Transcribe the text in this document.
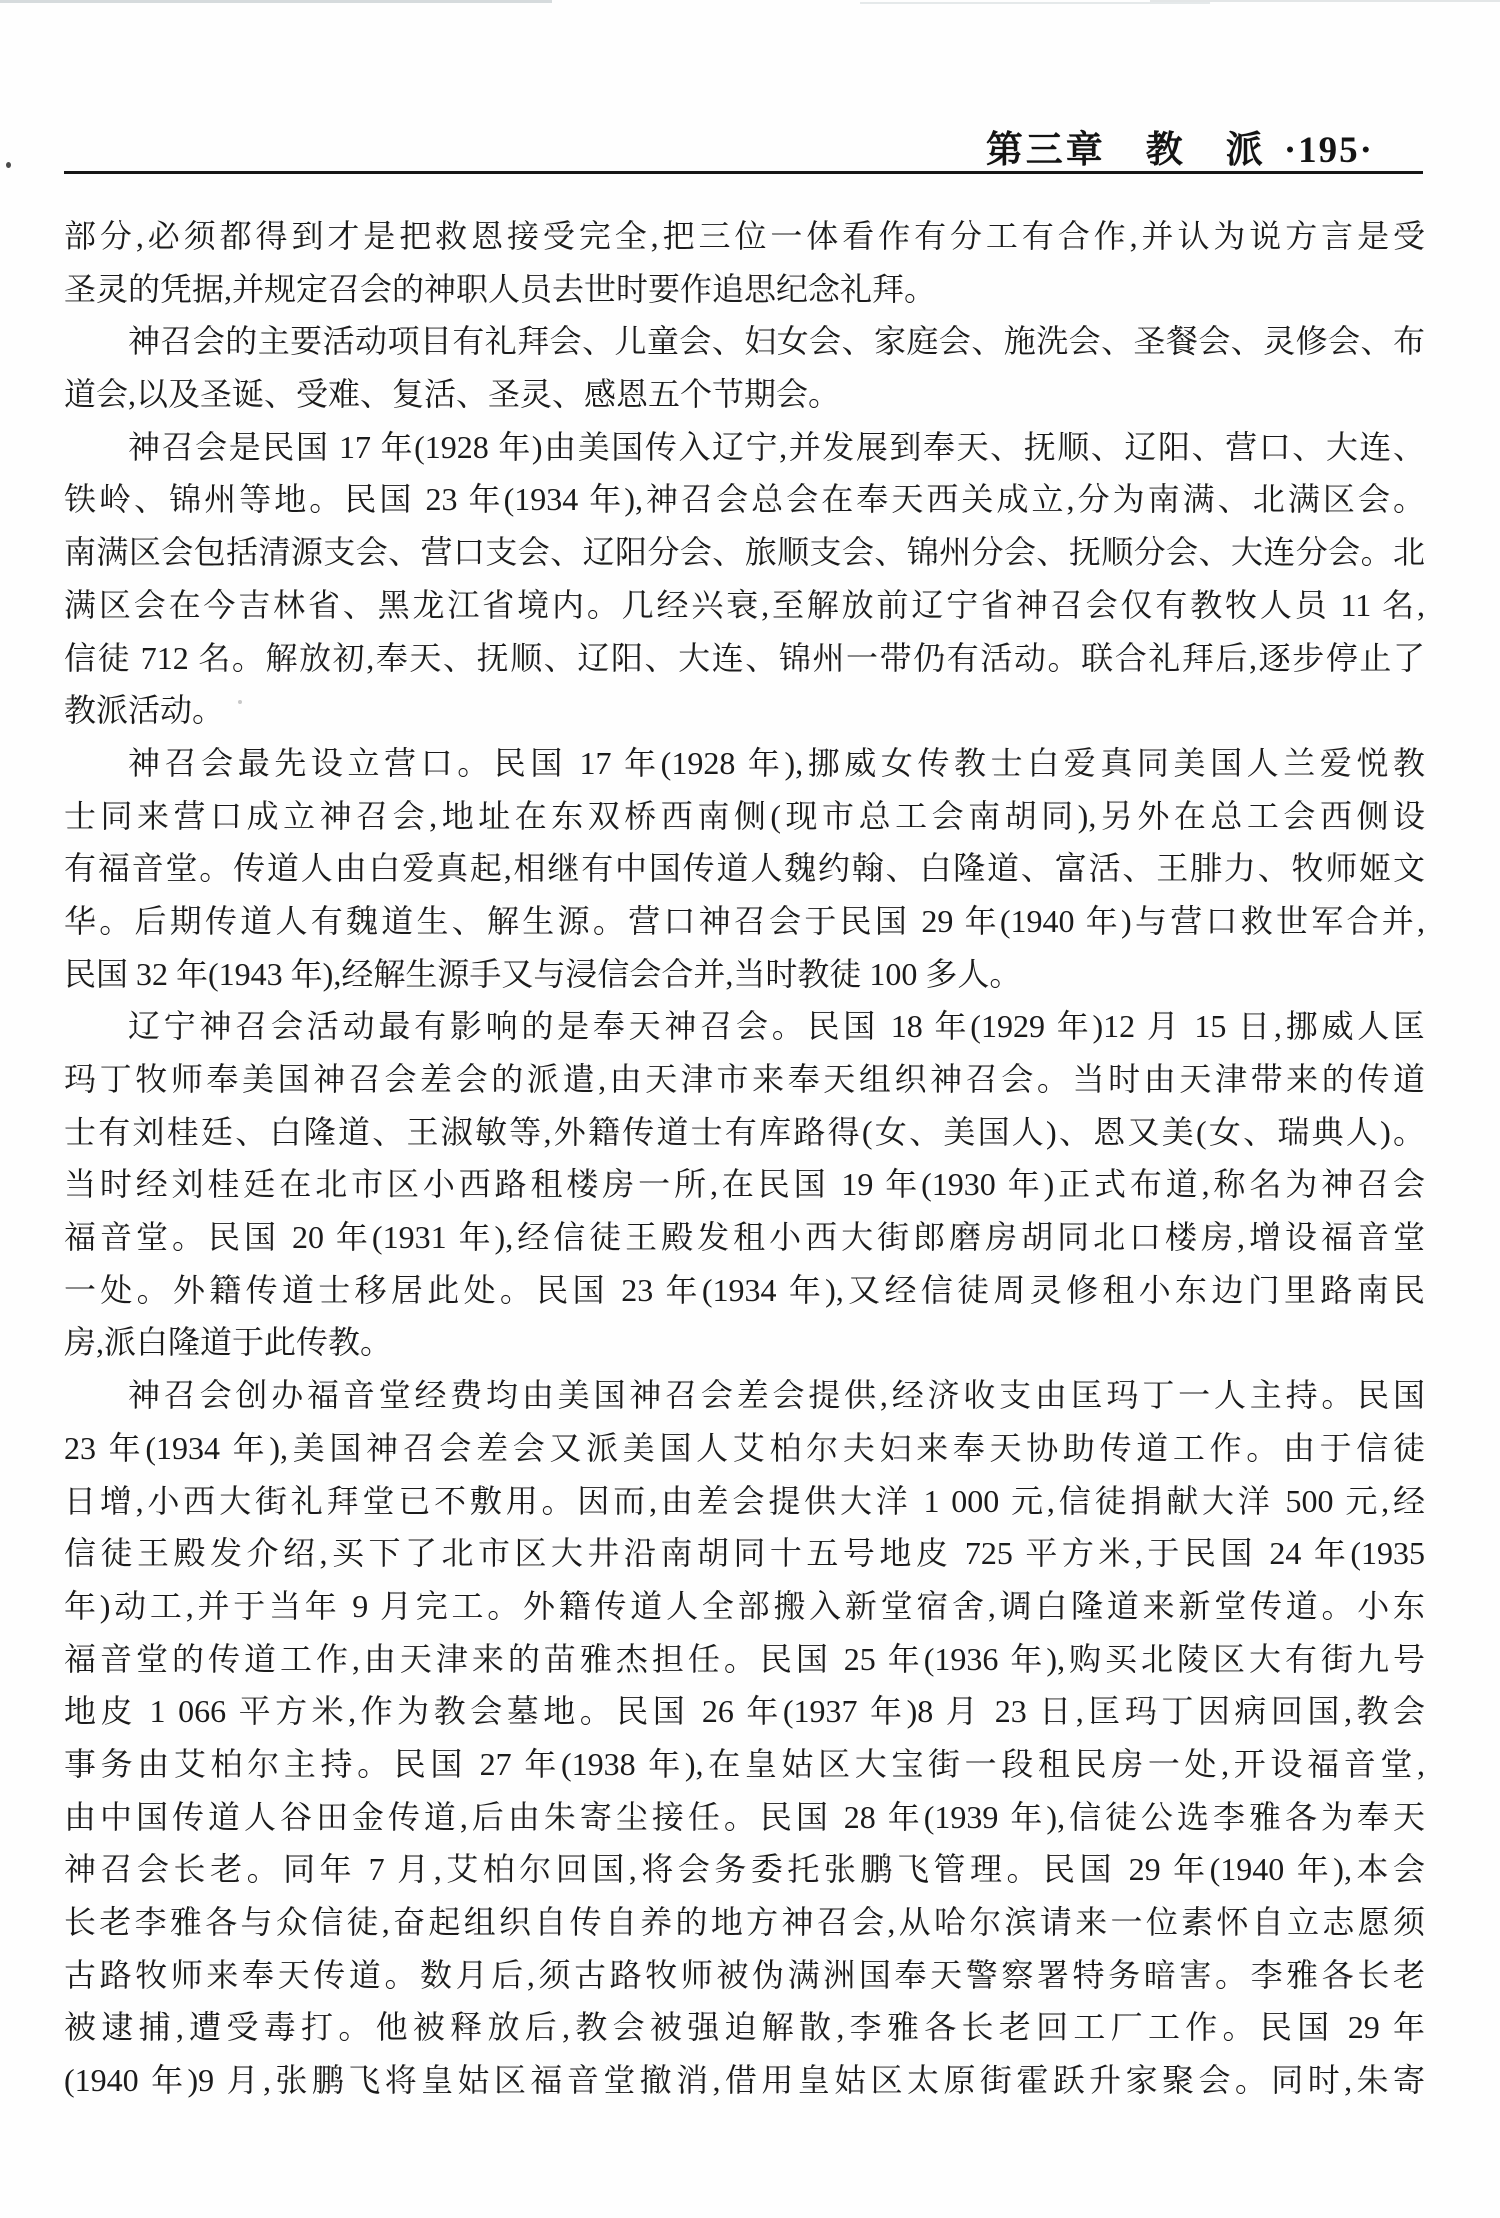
第三章　教　派 ·195·
部分,必须都得到才是把救恩接受完全,把三位一体看作有分工有合作,并认为说方言是受
圣灵的凭据,并规定召会的神职人员去世时要作追思纪念礼拜。
神召会的主要活动项目有礼拜会、儿童会、妇女会、家庭会、施洗会、圣餐会、灵修会、布
道会,以及圣诞、受难、复活、圣灵、感恩五个节期会。
神召会是民国 17 年(1928 年)由美国传入辽宁,并发展到奉天、抚顺、辽阳、营口、大连、
铁岭、锦州等地。民国 23 年(1934 年),神召会总会在奉天西关成立,分为南满、北满区会。
南满区会包括清源支会、营口支会、辽阳分会、旅顺支会、锦州分会、抚顺分会、大连分会。北
满区会在今吉林省、黑龙江省境内。几经兴衰,至解放前辽宁省神召会仅有教牧人员 11 名,
信徒 712 名。解放初,奉天、抚顺、辽阳、大连、锦州一带仍有活动。联合礼拜后,逐步停止了
教派活动。
神召会最先设立营口。民国 17 年(1928 年),挪威女传教士白爱真同美国人兰爱悦教
士同来营口成立神召会,地址在东双桥西南侧(现市总工会南胡同),另外在总工会西侧设
有福音堂。传道人由白爱真起,相继有中国传道人魏约翰、白隆道、富活、王腓力、牧师姬文
华。后期传道人有魏道生、解生源。营口神召会于民国 29 年(1940 年)与营口救世军合并,
民国 32 年(1943 年),经解生源手又与浸信会合并,当时教徒 100 多人。
辽宁神召会活动最有影响的是奉天神召会。民国 18 年(1929 年)12 月 15 日,挪威人匡
玛丁牧师奉美国神召会差会的派遣,由天津市来奉天组织神召会。当时由天津带来的传道
士有刘桂廷、白隆道、王淑敏等,外籍传道士有库路得(女、美国人)、恩又美(女、瑞典人)。
当时经刘桂廷在北市区小西路租楼房一所,在民国 19 年(1930 年)正式布道,称名为神召会
福音堂。民国 20 年(1931 年),经信徒王殿发租小西大街郎磨房胡同北口楼房,增设福音堂
一处。外籍传道士移居此处。民国 23 年(1934 年),又经信徒周灵修租小东边门里路南民
房,派白隆道于此传教。
神召会创办福音堂经费均由美国神召会差会提供,经济收支由匡玛丁一人主持。民国
23 年(1934 年),美国神召会差会又派美国人艾柏尔夫妇来奉天协助传道工作。由于信徒
日增,小西大街礼拜堂已不敷用。因而,由差会提供大洋 1 000 元,信徒捐献大洋 500 元,经
信徒王殿发介绍,买下了北市区大井沿南胡同十五号地皮 725 平方米,于民国 24 年(1935
年)动工,并于当年 9 月完工。外籍传道人全部搬入新堂宿舍,调白隆道来新堂传道。小东
福音堂的传道工作,由天津来的苗雅杰担任。民国 25 年(1936 年),购买北陵区大有街九号
地皮 1 066 平方米,作为教会墓地。民国 26 年(1937 年)8 月 23 日,匡玛丁因病回国,教会
事务由艾柏尔主持。民国 27 年(1938 年),在皇姑区大宝街一段租民房一处,开设福音堂,
由中国传道人谷田金传道,后由朱寄尘接任。民国 28 年(1939 年),信徒公选李雅各为奉天
神召会长老。同年 7 月,艾柏尔回国,将会务委托张鹏飞管理。民国 29 年(1940 年),本会
长老李雅各与众信徒,奋起组织自传自养的地方神召会,从哈尔滨请来一位素怀自立志愿须
古路牧师来奉天传道。数月后,须古路牧师被伪满洲国奉天警察署特务暗害。李雅各长老
被逮捕,遭受毒打。他被释放后,教会被强迫解散,李雅各长老回工厂工作。民国 29 年
(1940 年)9 月,张鹏飞将皇姑区福音堂撤消,借用皇姑区太原街霍跃升家聚会。同时,朱寄
